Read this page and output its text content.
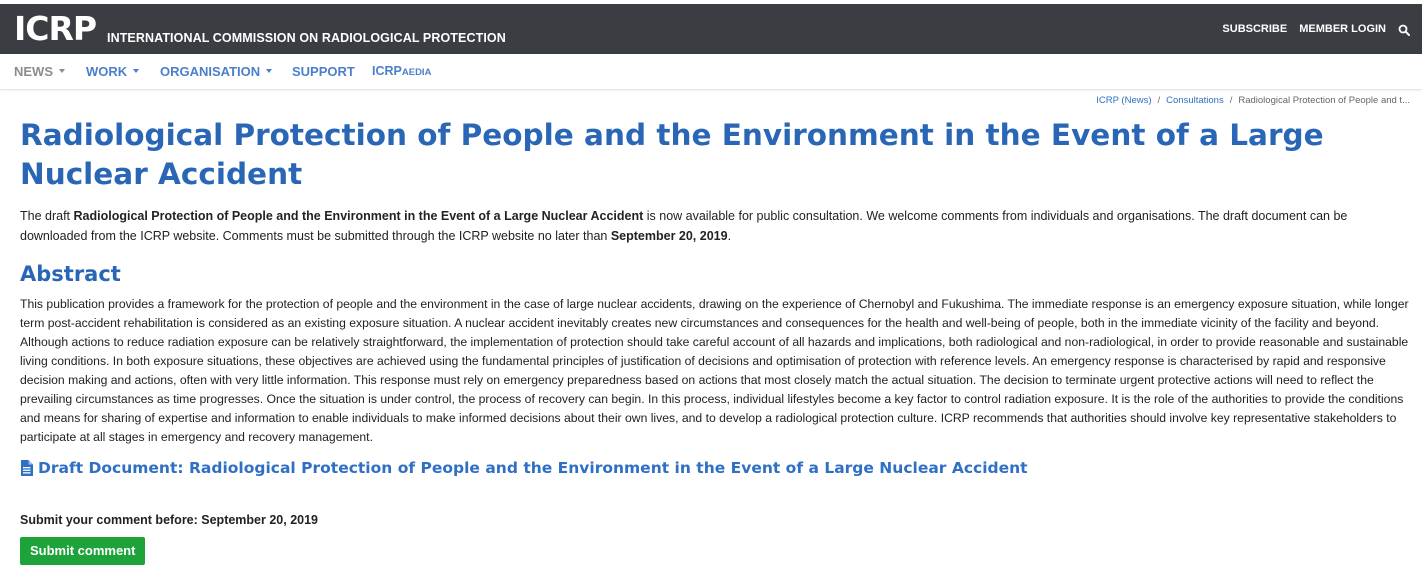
ICRP INTERNATIONAL COMMISSION ON RADIOLOGICAL PROTECTION
SUBSCRIBE MEMBER LOGIN
NEWS	WORK	ORGANISATION	SUPPORT ICRPAEDIA
ICRP (News) / Consultations / Radiological Protection of People and t...
Radiological Protection of People and the Environment in the Event of a Large Nuclear Accident

The draft Radiological Protection of People and the Environment in the Event of a Large Nuclear Accident is now available for public consultation. We welcome comments from individuals and organisations. The draft document can be downloaded from the ICRP website. Comments must be submitted through the ICRP website no later than September 20, 2019.

Abstract

This publication provides a framework for the protection of people and the environment in the case of large nuclear accidents, drawing on the experience of Chernobyl and Fukushima. The immediate response is an emergency exposure situation, while longer term post-accident rehabilitation is considered as an existing exposure situation. A nuclear accident inevitably creates new circumstances and consequences for the health and well-being of people, both in the immediate vicinity of the facility and beyond. Although actions to reduce radiation exposure can be relatively straightforward, the implementation of protection should take careful account of all hazards and implications, both radiological and non-radiological, in order to provide reasonable and sustainable living conditions. In both exposure situations, these objectives are achieved using the fundamental principles of justification of decisions and optimisation of protection with reference levels. An emergency response is characterised by rapid and responsive decision making and actions, often with very little information. This response must rely on emergency preparedness based on actions that most closely match the actual situation. The decision to terminate urgent protective actions will need to reflect the prevailing circumstances as time progresses. Once the situation is under control, the process of recovery can begin. In this process, individual lifestyles become a key factor to control radiation exposure. It is the role of the authorities to provide the conditions and means for sharing of expertise and information to enable individuals to make informed decisions about their own lives, and to develop a radiological protection culture. ICRP recommends that authorities should involve key representative stakeholders to participate at all stages in emergency and recovery management.

Draft Document: Radiological Protection of People and the Environment in the Event of a Large Nuclear Accident
Submit your comment before: September 20, 2019
Submit comment
